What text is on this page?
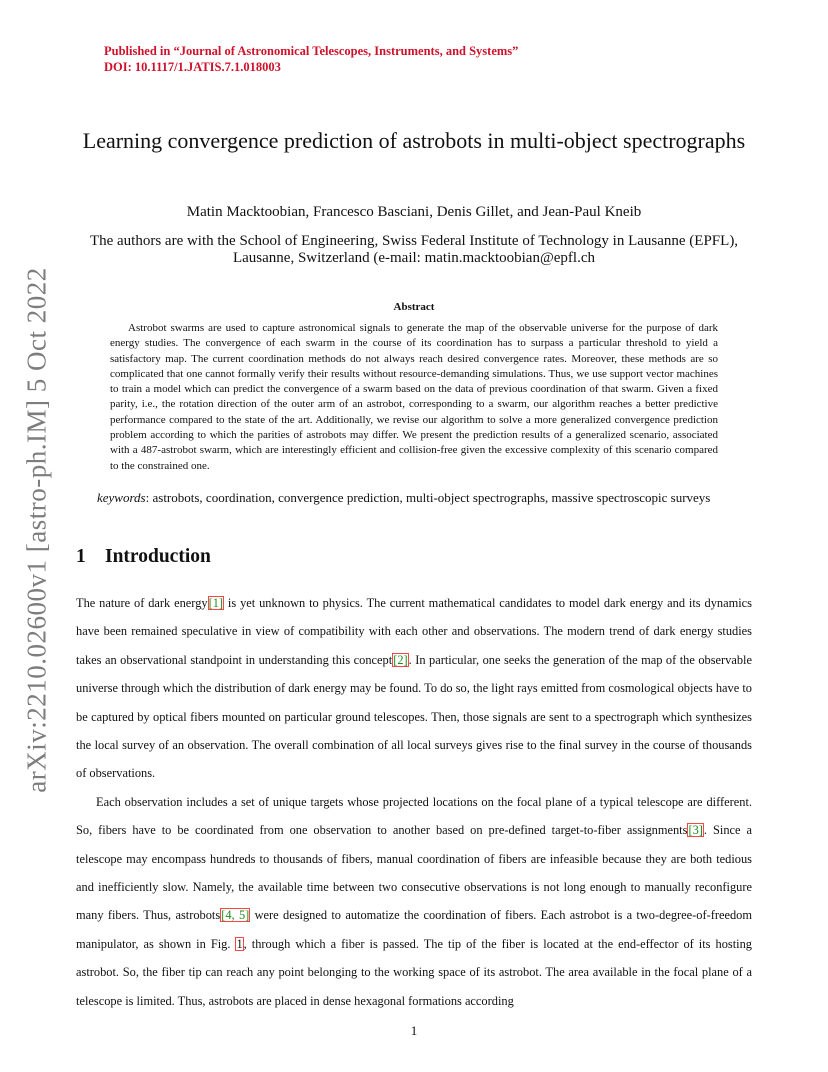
Published in “Journal of Astronomical Telescopes, Instruments, and Systems”
DOI: 10.1117/1.JATIS.7.1.018003
arXiv:2210.02600v1 [astro-ph.IM] 5 Oct 2022
Learning convergence prediction of astrobots in multi-object spectrographs
Matin Macktoobian, Francesco Basciani, Denis Gillet, and Jean-Paul Kneib
The authors are with the School of Engineering, Swiss Federal Institute of Technology in Lausanne (EPFL), Lausanne, Switzerland (e-mail: matin.macktoobian@epfl.ch
Abstract
Astrobot swarms are used to capture astronomical signals to generate the map of the observable universe for the purpose of dark energy studies. The convergence of each swarm in the course of its coordination has to surpass a particular threshold to yield a satisfactory map. The current coordination methods do not always reach desired convergence rates. Moreover, these methods are so complicated that one cannot formally verify their results without resource-demanding simulations. Thus, we use support vector machines to train a model which can predict the convergence of a swarm based on the data of previous coordination of that swarm. Given a fixed parity, i.e., the rotation direction of the outer arm of an astrobot, corresponding to a swarm, our algorithm reaches a better predictive performance compared to the state of the art. Additionally, we revise our algorithm to solve a more generalized convergence prediction problem according to which the parities of astrobots may differ. We present the prediction results of a generalized scenario, associated with a 487-astrobot swarm, which are interestingly efficient and collision-free given the excessive complexity of this scenario compared to the constrained one.
keywords: astrobots, coordination, convergence prediction, multi-object spectrographs, massive spectroscopic surveys
1 Introduction

The nature of dark energy[1] is yet unknown to physics. The current mathematical candidates to model dark energy and its dynamics have been remained speculative in view of compatibility with each other and observations. The modern trend of dark energy studies takes an observational standpoint in understanding this concept[2]. In particular, one seeks the generation of the map of the observable universe through which the distribution of dark energy may be found. To do so, the light rays emitted from cosmological objects have to be captured by optical fibers mounted on particular ground telescopes. Then, those signals are sent to a spectrograph which synthesizes the local survey of an observation. The overall combination of all local surveys gives rise to the final survey in the course of thousands of observations.

Each observation includes a set of unique targets whose projected locations on the focal plane of a typical telescope are different. So, fibers have to be coordinated from one observation to another based on pre-defined target-to-fiber assignments[3]. Since a telescope may encompass hundreds to thousands of fibers, manual coordination of fibers are infeasible because they are both tedious and inefficiently slow. Namely, the available time between two consecutive observations is not long enough to manually reconfigure many fibers. Thus, astrobots[4, 5] were designed to automatize the coordination of fibers. Each astrobot is a two-degree-of-freedom manipulator, as shown in Fig. 1, through which a fiber is passed. The tip of the fiber is located at the end-effector of its hosting astrobot. So, the fiber tip can reach any point belonging to the working space of its astrobot. The area available in the focal plane of a telescope is limited. Thus, astrobots are placed in dense hexagonal formations according

1
